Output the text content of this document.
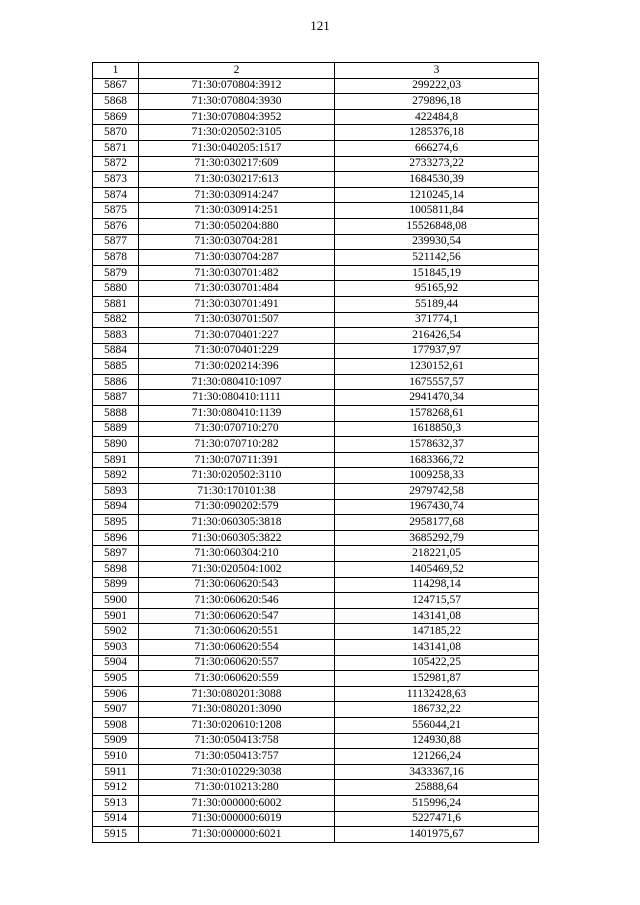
121
1	2	3
5867	71:30:070804:3912	299222,03
5868	71:30:070804:3930	279896,18
5869	71:30:070804:3952	422484,8
5870	71:30:020502:3105	1285376,18
5871	71:30:040205:1517	666274,6
5872	71:30:030217:609	2733273,22
5873	71:30:030217:613	1684530,39
5874	71:30:030914:247	1210245,14
5875	71:30:030914:251	1005811,84
5876	71:30:050204:880	15526848,08
5877	71:30:030704:281	239930,54
5878	71:30:030704:287	521142,56
5879	71:30:030701:482	151845,19
5880	71:30:030701:484	95165,92
5881	71:30:030701:491	55189,44
5882	71:30:030701:507	371774,1
5883	71:30:070401:227	216426,54
5884	71:30:070401:229	177937,97
5885	71:30:020214:396	1230152,61
5886	71:30:080410:1097	1675557,57
5887	71:30:080410:1111	2941470,34
5888	71:30:080410:1139	1578268,61
5889	71:30:070710:270	1618850,3
5890	71:30:070710:282	1578632,37
5891	71:30:070711:391	1683366,72
5892	71:30:020502:3110	1009258,33
5893	71:30:170101:38	2979742,58
5894	71:30:090202:579	1967430,74
5895	71:30:060305:3818	2958177,68
5896	71:30:060305:3822	3685292,79
5897	71:30:060304:210	218221,05
5898	71:30:020504:1002	1405469,52
5899	71:30:060620:543	114298,14
5900	71:30:060620:546	124715,57
5901	71:30:060620:547	143141,08
5902	71:30:060620:551	147185,22
5903	71:30:060620:554	143141,08
5904	71:30:060620:557	105422,25
5905	71:30:060620:559	152981,87
5906	71:30:080201:3088	11132428,63
5907	71:30:080201:3090	186732,22
5908	71:30:020610:1208	556044,21
5909	71:30:050413:758	124930,88
5910	71:30:050413:757	121266,24
5911	71:30:010229:3038	3433367,16
5912	71:30:010213:280	25888,64
5913	71:30:000000:6002	515996,24
5914	71:30:000000:6019	5227471,6
5915	71:30:000000:6021	1401975,67
